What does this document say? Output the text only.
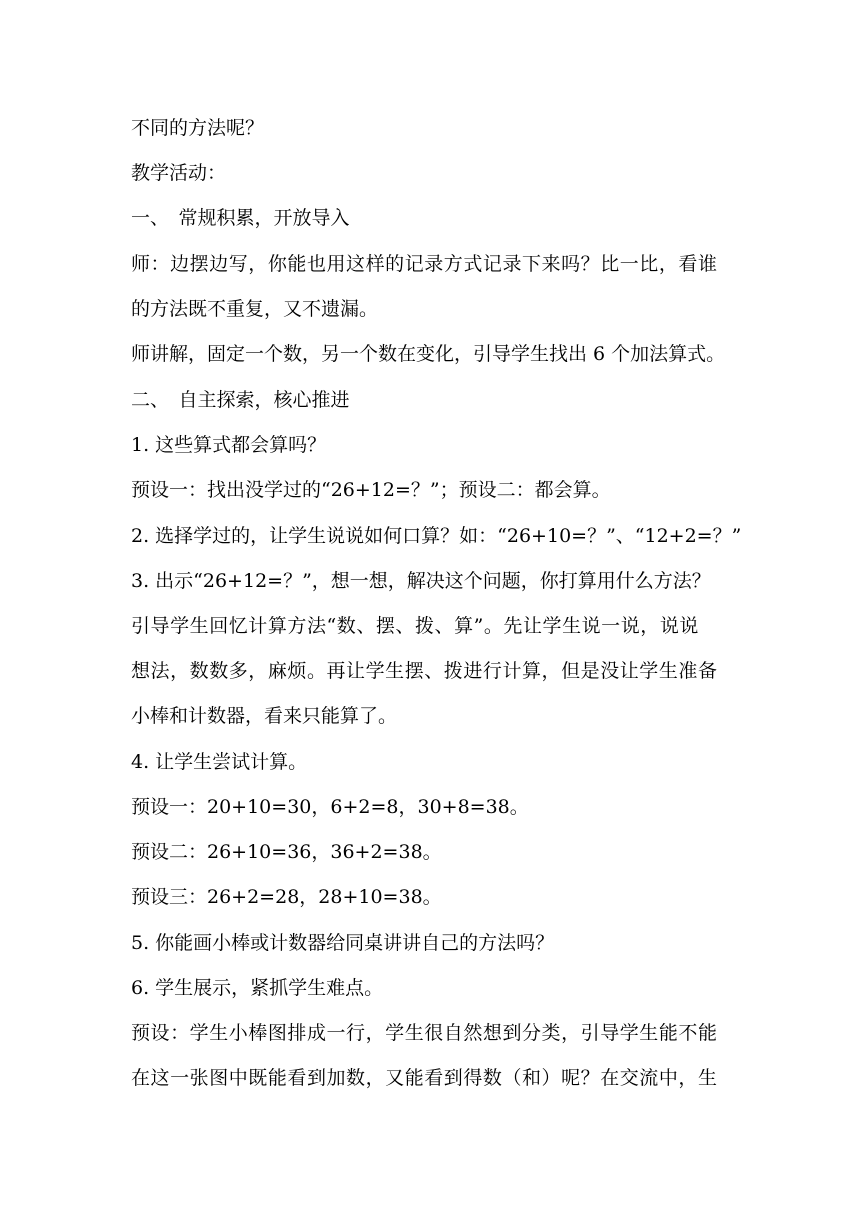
不同的方法呢？
教学活动：
一、　常规积累，开放导入
师：边摆边写，你能也用这样的记录方式记录下来吗？比一比，看谁
的方法既不重复，又不遗漏。
师讲解，固定一个数，另一个数在变化，引导学生找出 6 个加法算式。
二、　自主探索，核心推进
1. 这些算式都会算吗？
预设一：找出没学过的“26+12=？”；预设二：都会算。
2. 选择学过的，让学生说说如何口算？如：“26+10=？”、“12+2=？”
3. 出示“26+12=？”，想一想，解决这个问题，你打算用什么方法？
引导学生回忆计算方法“数、摆、拨、算”。先让学生说一说，说说
想法，数数多，麻烦。再让学生摆、拨进行计算，但是没让学生准备
小棒和计数器，看来只能算了。
4. 让学生尝试计算。
预设一：20+10=30，6+2=8，30+8=38。
预设二：26+10=36，36+2=38。
预设三：26+2=28，28+10=38。
5. 你能画小棒或计数器给同桌讲讲自己的方法吗？
6. 学生展示，紧抓学生难点。
预设：学生小棒图排成一行，学生很自然想到分类，引导学生能不能
在这一张图中既能看到加数，又能看到得数（和）呢？在交流中，生
